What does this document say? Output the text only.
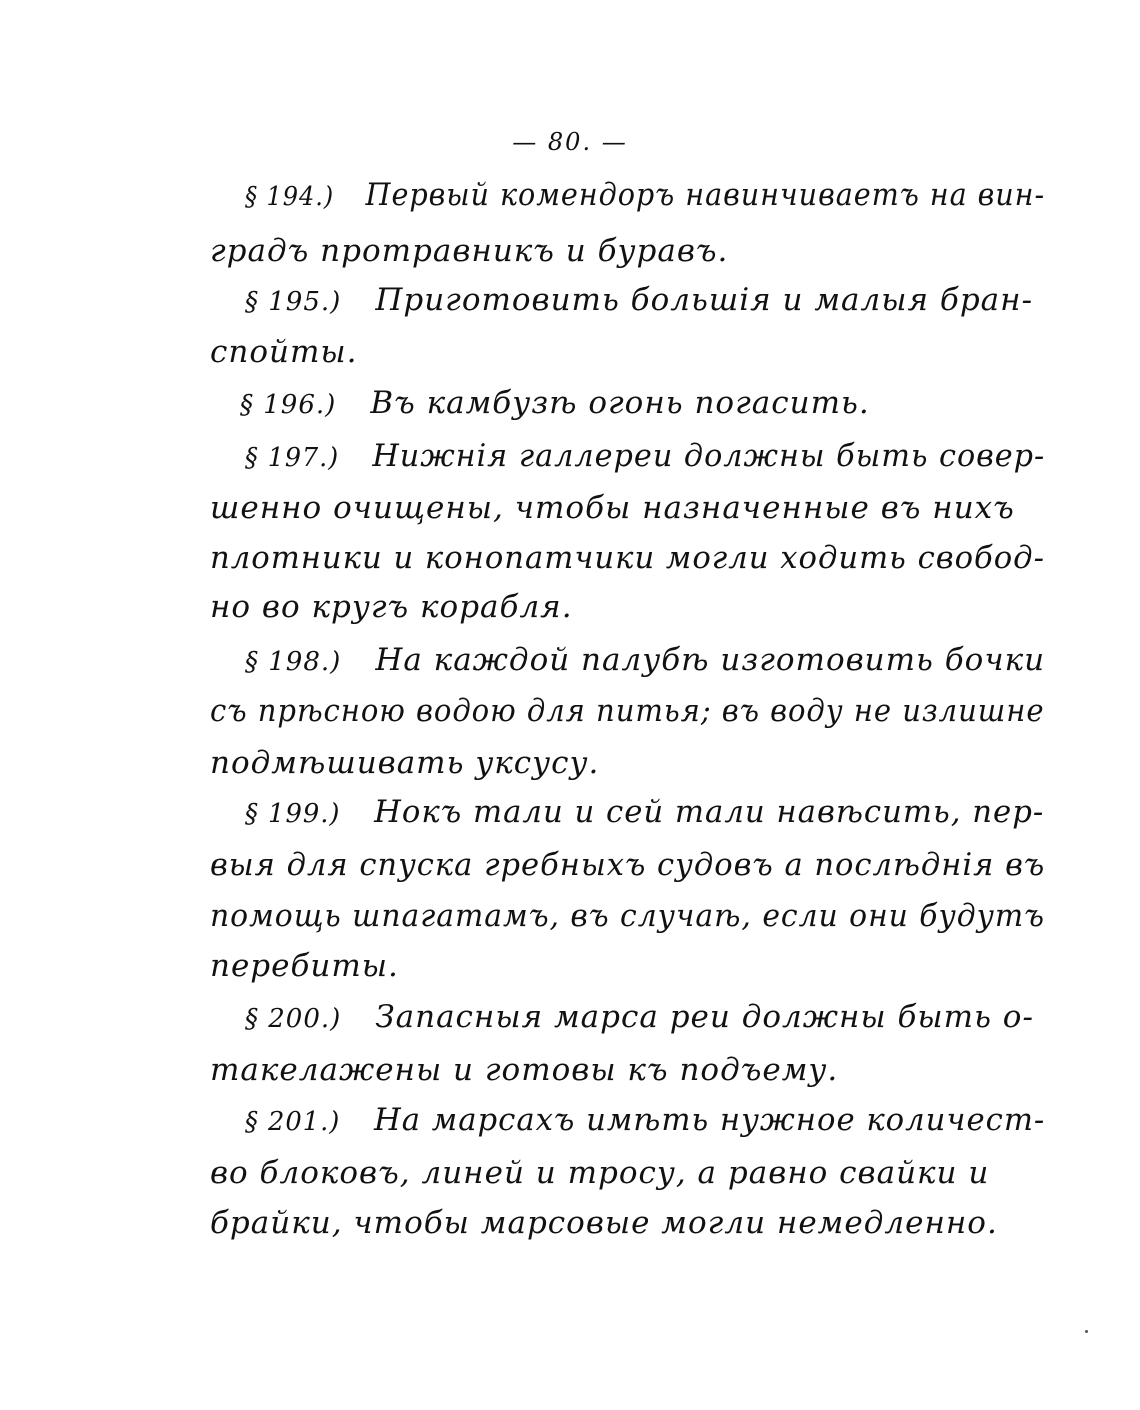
— 80. —
§ 194.) Первый комендоръ навинчиваетъ на вин-
градъ протравникъ и буравъ.
§ 195.) Приготовить большія и малыя бран-
спойты.
§ 196.) Въ камбузѣ огонь погасить.
§ 197.) Нижнія галлереи должны быть совер-
шенно очищены, чтобы назначенные въ нихъ
плотники и конопатчики могли ходить свобод-
но во кругъ корабля.
§ 198.) На каждой палубѣ изготовить бочки
съ прѣсною водою для питья; въ воду не излишне
подмѣшивать уксусу.
§ 199.) Нокъ тали и сей тали навѣсить, пер-
выя для спуска гребныхъ судовъ а послѣднія въ
помощь шпагатамъ, въ случаѣ, если они будутъ
перебиты.
§ 200.) Запасныя марса реи должны быть о-
такелажены и готовы къ подъему.
§ 201.) На марсахъ имѣть нужное количест-
во блоковъ, линей и тросу, а равно свайки и
брайки, чтобы марсовые могли немедленно.
